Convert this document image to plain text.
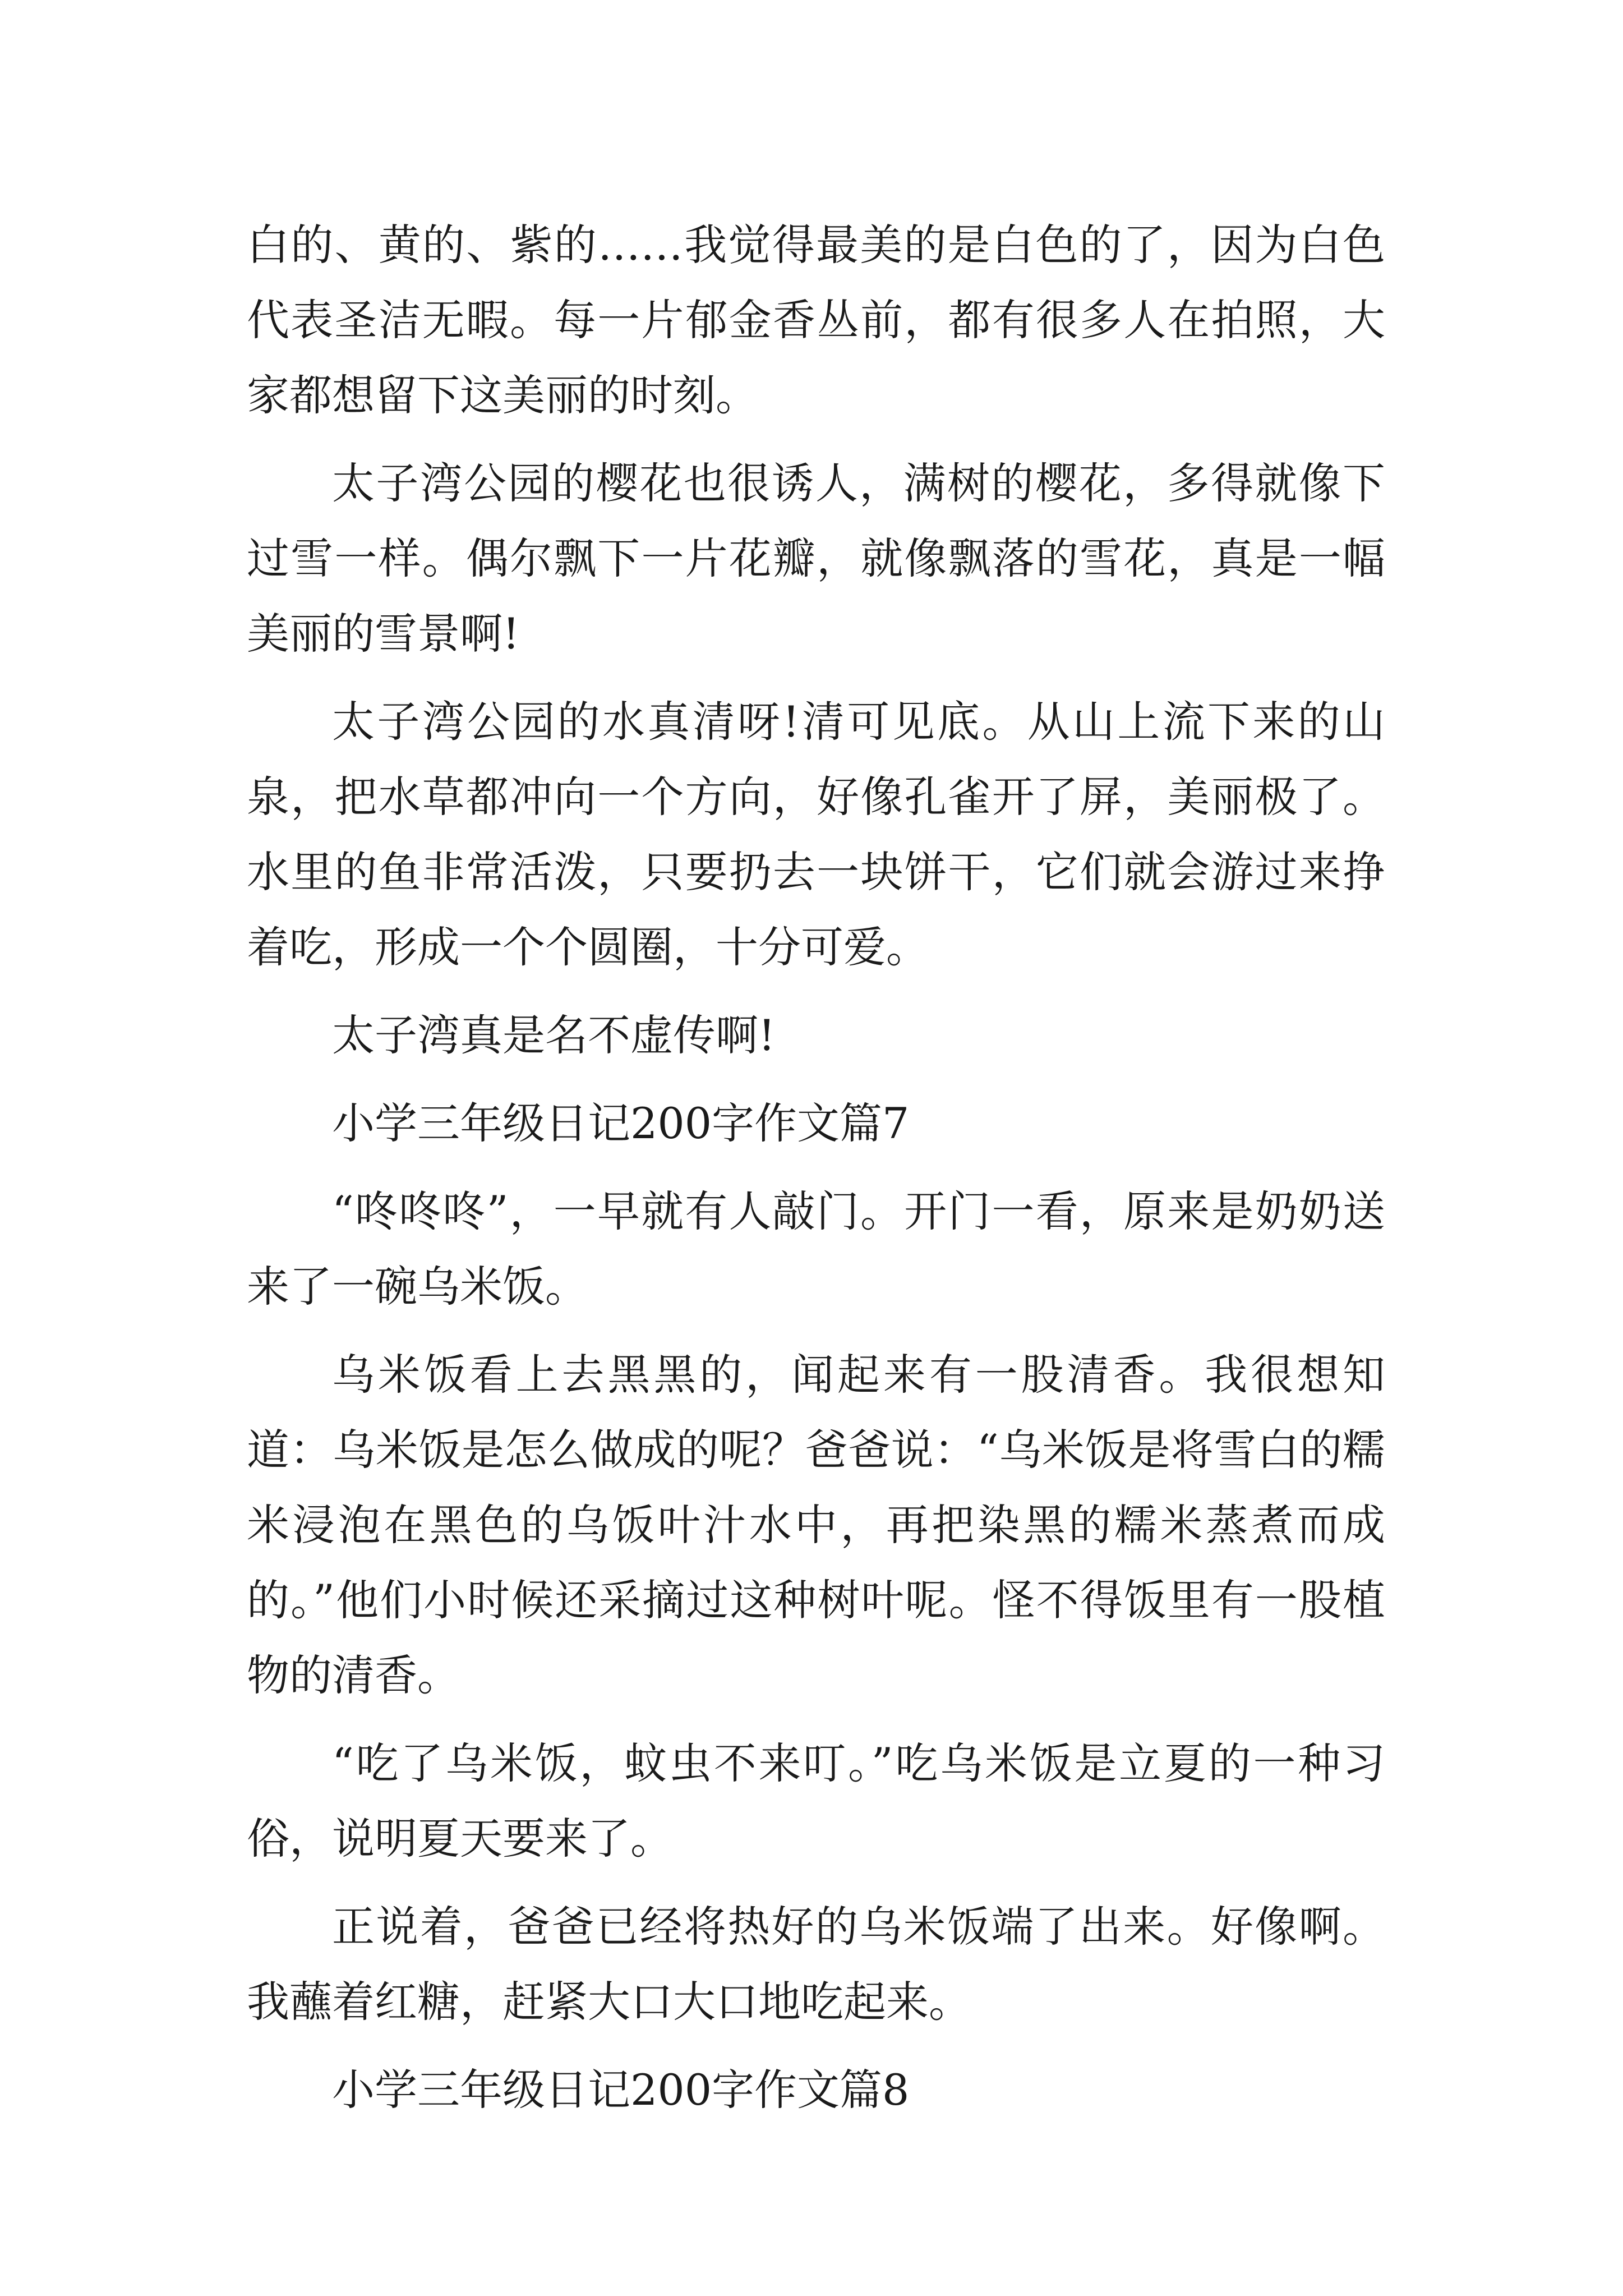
白的、黄的、紫的……我觉得最美的是白色的了，因为白色代表圣洁无暇。每一片郁金香丛前，都有很多人在拍照，大家都想留下这美丽的时刻。

太子湾公园的樱花也很诱人，满树的樱花，多得就像下过雪一样。偶尔飘下一片花瓣，就像飘落的雪花，真是一幅美丽的雪景啊!

太子湾公园的水真清呀!清可见底。从山上流下来的山泉，把水草都冲向一个方向，好像孔雀开了屏，美丽极了。水里的鱼非常活泼，只要扔去一块饼干，它们就会游过来挣着吃，形成一个个圆圈，十分可爱。

太子湾真是名不虚传啊!

小学三年级日记200字作文篇7

“咚咚咚”，一早就有人敲门。开门一看，原来是奶奶送来了一碗乌米饭。

乌米饭看上去黑黑的，闻起来有一股清香。我很想知道：乌米饭是怎么做成的呢？爸爸说：“乌米饭是将雪白的糯米浸泡在黑色的乌饭叶汁水中，再把染黑的糯米蒸煮而成的。”他们小时候还采摘过这种树叶呢。怪不得饭里有一股植物的清香。

“吃了乌米饭，蚊虫不来叮。”吃乌米饭是立夏的一种习俗，说明夏天要来了。

正说着，爸爸已经将热好的乌米饭端了出来。好像啊。我蘸着红糖，赶紧大口大口地吃起来。

小学三年级日记200字作文篇8
